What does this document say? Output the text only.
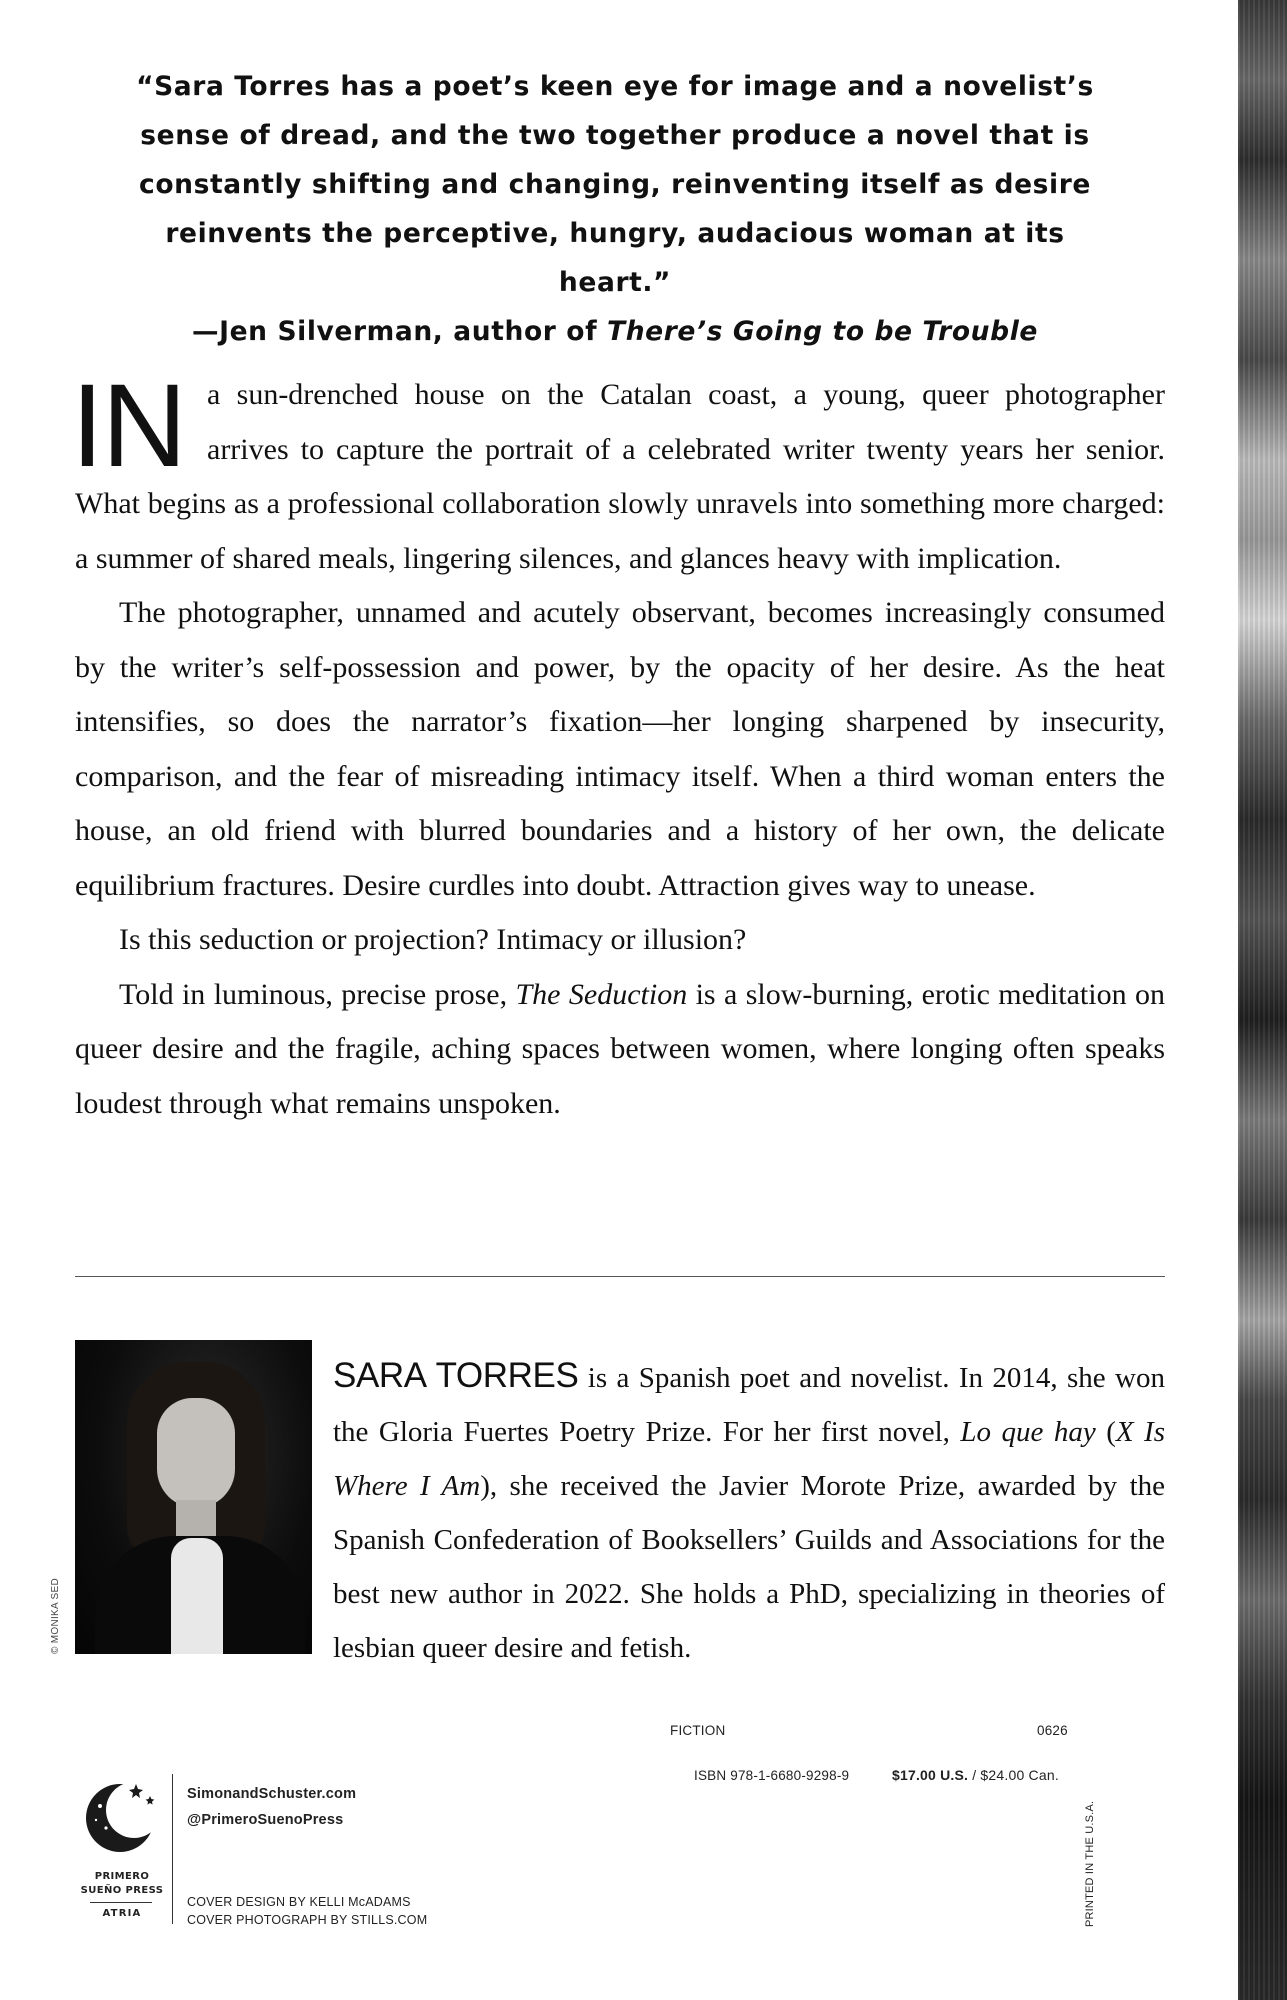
“Sara Torres has a poet’s keen eye for image and a novelist’s sense of dread, and the two together produce a novel that is constantly shifting and changing, reinventing itself as desire reinvents the perceptive, hungry, audacious woman at its heart.”
—Jen Silverman, author of There’s Going to be Trouble

IN a sun-drenched house on the Catalan coast, a young, queer photographer arrives to capture the portrait of a celebrated writer twenty years her senior. What begins as a professional collaboration slowly unravels into something more charged: a summer of shared meals, lingering silences, and glances heavy with implication.

The photographer, unnamed and acutely observant, becomes increasingly consumed by the writer’s self-possession and power, by the opacity of her desire. As the heat intensifies, so does the narrator’s fixation—her longing sharpened by insecurity, comparison, and the fear of misreading intimacy itself. When a third woman enters the house, an old friend with blurred boundaries and a history of her own, the delicate equilibrium fractures. Desire curdles into doubt. Attraction gives way to unease.

Is this seduction or projection? Intimacy or illusion?

Told in luminous, precise prose, The Seduction is a slow-burning, erotic meditation on queer desire and the fragile, aching spaces between women, where longing often speaks loudest through what remains unspoken.

© MONIKA SED
SARA TORRES is a Spanish poet and novelist. In 2014, she won the Gloria Fuertes Poetry Prize. For her first novel, Lo que hay (X Is Where I Am), she received the Javier Morote Prize, awarded by the Spanish Confederation of Booksellers’ Guilds and Associations for the best new author in 2022. She holds a PhD, specializing in theories of lesbian queer desire and fetish.
FICTION	0626
ISBN 978-1-6680-9298-9	$17.00 U.S. / $24.00 Can.
PRIMERO
SUEÑO PRESS
ATRIA
SimonandSchuster.com
@PrimeroSuenoPress
COVER DESIGN BY KELLI McADAMS
COVER PHOTOGRAPH BY STILLS.COM	PRINTED IN THE U.S.A.
